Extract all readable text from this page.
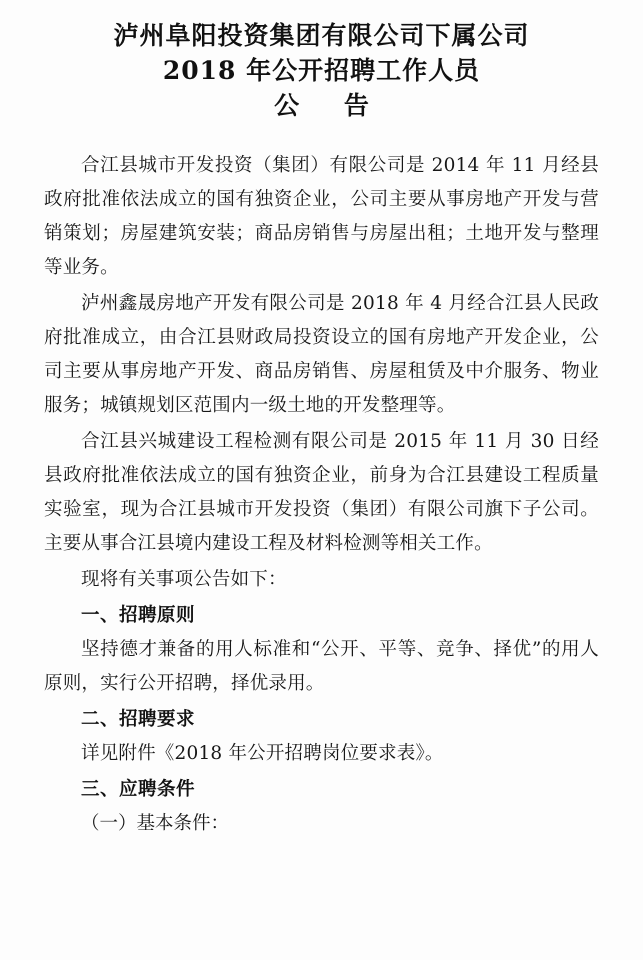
泸州阜阳投资集团有限公司下属公司
2018 年公开招聘工作人员
公 告

合江县城市开发投资（集团）有限公司是 2014 年 11 月经县政府批准依法成立的国有独资企业，公司主要从事房地产开发与营销策划；房屋建筑安装；商品房销售与房屋出租；土地开发与整理等业务。

泸州鑫晟房地产开发有限公司是 2018 年 4 月经合江县人民政府批准成立，由合江县财政局投资设立的国有房地产开发企业，公司主要从事房地产开发、商品房销售、房屋租赁及中介服务、物业服务；城镇规划区范围内一级土地的开发整理等。

合江县兴城建设工程检测有限公司是 2015 年 11 月 30 日经县政府批准依法成立的国有独资企业，前身为合江县建设工程质量实验室，现为合江县城市开发投资（集团）有限公司旗下子公司。主要从事合江县境内建设工程及材料检测等相关工作。

现将有关事项公告如下：

一、招聘原则

坚持德才兼备的用人标准和“公开、平等、竞争、择优”的用人原则，实行公开招聘，择优录用。

二、招聘要求

详见附件《2018 年公开招聘岗位要求表》。

三、应聘条件

（一）基本条件：
